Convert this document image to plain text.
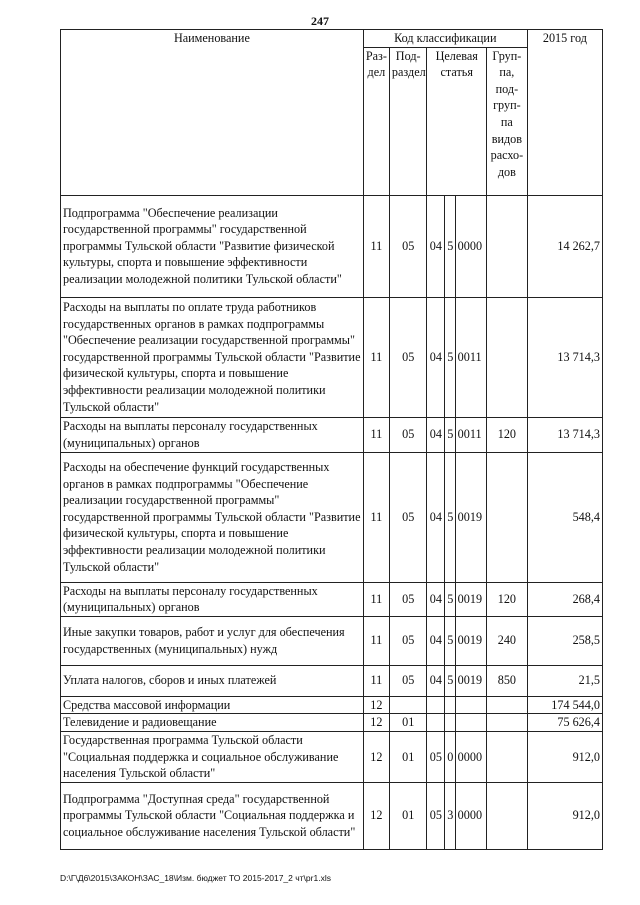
247
Наименование	Код классификации						2015 год
	Раз-дел	Под-раздел	Целевая статья			Груп-па, под-груп-па видов расхо-дов	
Подпрограмма "Обеспечение реализации государственной программы" государственной программы Тульской области "Развитие физической культуры, спорта и повышение эффективности реализации молодежной политики Тульской области"	11	05	04	5	0000		14 262,7
Расходы на выплаты по оплате труда работников государственных органов в рамках подпрограммы "Обеспечение реализации государственной программы" государственной программы Тульской области "Развитие физической культуры, спорта и повышение эффективности реализации молодежной политики Тульской области"	11	05	04	5	0011		13 714,3
Расходы на выплаты персоналу государственных (муниципальных) органов	11	05	04	5	0011	120	13 714,3
Расходы на обеспечение функций государственных органов в рамках подпрограммы "Обеспечение реализации государственной программы" государственной программы Тульской области "Развитие физической культуры, спорта и повышение эффективности реализации молодежной политики Тульской области"	11	05	04	5	0019		548,4
Расходы на выплаты персоналу государственных (муниципальных) органов	11	05	04	5	0019	120	268,4
Иные закупки товаров, работ и услуг для обеспечения государственных (муниципальных) нужд	11	05	04	5	0019	240	258,5
Уплата налогов, сборов и иных платежей	11	05	04	5	0019	850	21,5
Средства массовой информации	12						174 544,0
Телевидение и радиовещание	12	01					75 626,4
Государственная программа Тульской области "Социальная поддержка и социальное обслуживание населения Тульской области"	12	01	05	0	0000		912,0
Подпрограмма "Доступная среда" государственной программы Тульской области "Социальная поддержка и социальное обслуживание населения Тульской области"	12	01	05	3	0000		912,0
D:\Г\Д6\2015\ЗАКОН\ЗАС_18\Изм. бюджет ТО 2015-2017_2 чт\pr1.xls
